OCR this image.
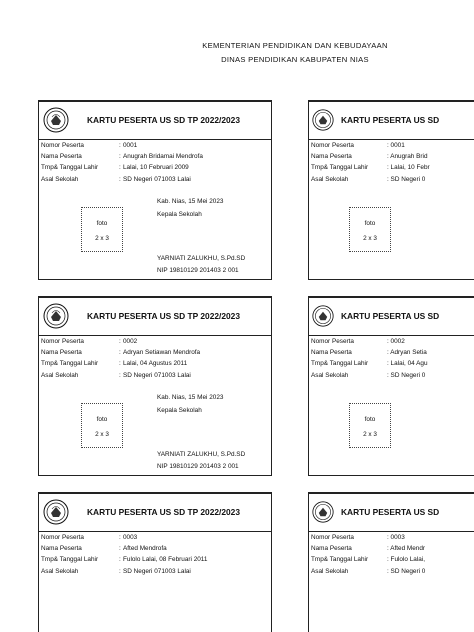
KEMENTERIAN PENDIDIKAN DAN KEBUDAYAAN
DINAS PENDIDIKAN KABUPATEN NIAS
KARTU PESERTA US SD TP 2022/2023
Nomor Peserta	: 0001
Nama Peserta	: Anugrah Bridamai Mendrofa
Tmp& Tanggal Lahir	: Lalai, 10 Februari 2009
Asal Sekolah	: SD Negeri 071003 Lalai
foto
2 x 3
Kab. Nias, 15 Mei 2023
Kepala Sekolah
YARNIATI ZALUKHU, S.Pd.SD
NIP 19810129 201403 2 001
KARTU PESERTA US SD
Nomor Peserta	: 0001
Nama Peserta	: Anugrah Brid
Tmp& Tanggal Lahir	: Lalai, 10 Febr
Asal Sekolah	: SD Negeri 0
foto
2 x 3
KARTU PESERTA US SD TP 2022/2023
Nomor Peserta	: 0002
Nama Peserta	: Adryan Setiawan Mendrofa
Tmp& Tanggal Lahir	: Lalai, 04 Agustus 2011
Asal Sekolah	: SD Negeri 071003 Lalai
foto
2 x 3
Kab. Nias, 15 Mei 2023
Kepala Sekolah
YARNIATI ZALUKHU, S.Pd.SD
NIP 19810129 201403 2 001
KARTU PESERTA US SD
Nomor Peserta	: 0002
Nama Peserta	: Adryan Setia
Tmp& Tanggal Lahir	: Lalai, 04 Agu
Asal Sekolah	: SD Negeri 0
foto
2 x 3
KARTU PESERTA US SD TP 2022/2023
Nomor Peserta	: 0003
Nama Peserta	: Afted Mendrofa
Tmp& Tanggal Lahir	: Fulolo Lalai, 08 Februari 2011
Asal Sekolah	: SD Negeri 071003 Lalai
KARTU PESERTA US SD
Nomor Peserta	: 0003
Nama Peserta	: Afted Mendr
Tmp& Tanggal Lahir	: Fulolo Lalai,
Asal Sekolah	: SD Negeri 0
